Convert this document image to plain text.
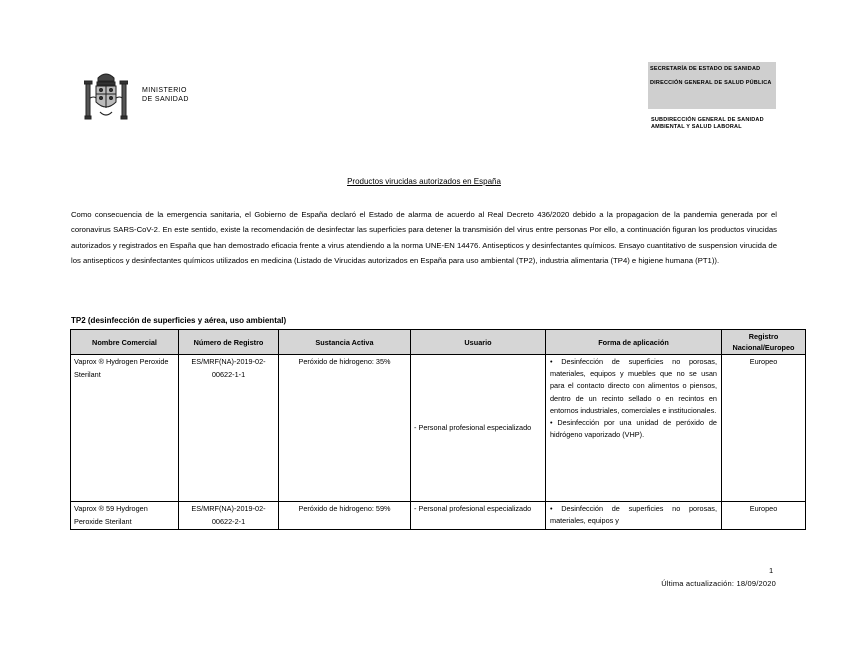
MINISTERIO
DE SANIDAD
SECRETARÍA DE ESTADO DE SANIDAD
DIRECCIÓN GENERAL DE SALUD PÚBLICA
SUBDIRECCIÓN GENERAL DE SANIDAD AMBIENTAL Y SALUD LABORAL
Productos virucidas autorizados en España
Como consecuencia de la emergencia sanitaria, el Gobierno de España declaró el Estado de alarma de acuerdo al Real Decreto 436/2020 debido a la propagacion de la pandemia generada por el coronavirus SARS-CoV-2. En este sentido, existe la recomendación de desinfectar las superficies para detener la transmisión del virus entre personas Por ello, a continuación figuran los productos virucidas autorizados y registrados en España que han demostrado eficacia frente a virus atendiendo a la norma UNE-EN 14476. Antisepticos y desinfectantes químicos. Ensayo cuantitativo de suspension virucida de los antisepticos y desinfectantes químicos utilizados en medicina (Listado de Virucidas autorizados en España para uso ambiental (TP2), industria alimentaria (TP4) e higiene humana (PT1)).
TP2 (desinfección de superficies y aérea, uso ambiental)
Nombre Comercial	Número de Registro	Sustancia Activa	Usuario	Forma de aplicación	Registro Nacional/Europeo
Vaprox ® Hydrogen Peroxide Sterilant	ES/MRF(NA)-2019-02-00622-1-1	Peróxido de hidrogeno: 35%	- Personal profesional especializado	• Desinfección de superficies no porosas, materiales, equipos y muebles que no se usan para el contacto directo con alimentos o piensos, dentro de un recinto sellado o en recintos en entornos industriales, comerciales e institucionales.
• Desinfección por una unidad de peróxido de hidrógeno vaporizado (VHP).	Europeo
Vaprox ® 59 Hydrogen Peroxide Sterilant	ES/MRF(NA)-2019-02-00622-2-1	Peróxido de hidrogeno: 59%	- Personal profesional especializado	• Desinfección de superficies no porosas, materiales, equipos y	Europeo
1
Última actualización: 18/09/2020
